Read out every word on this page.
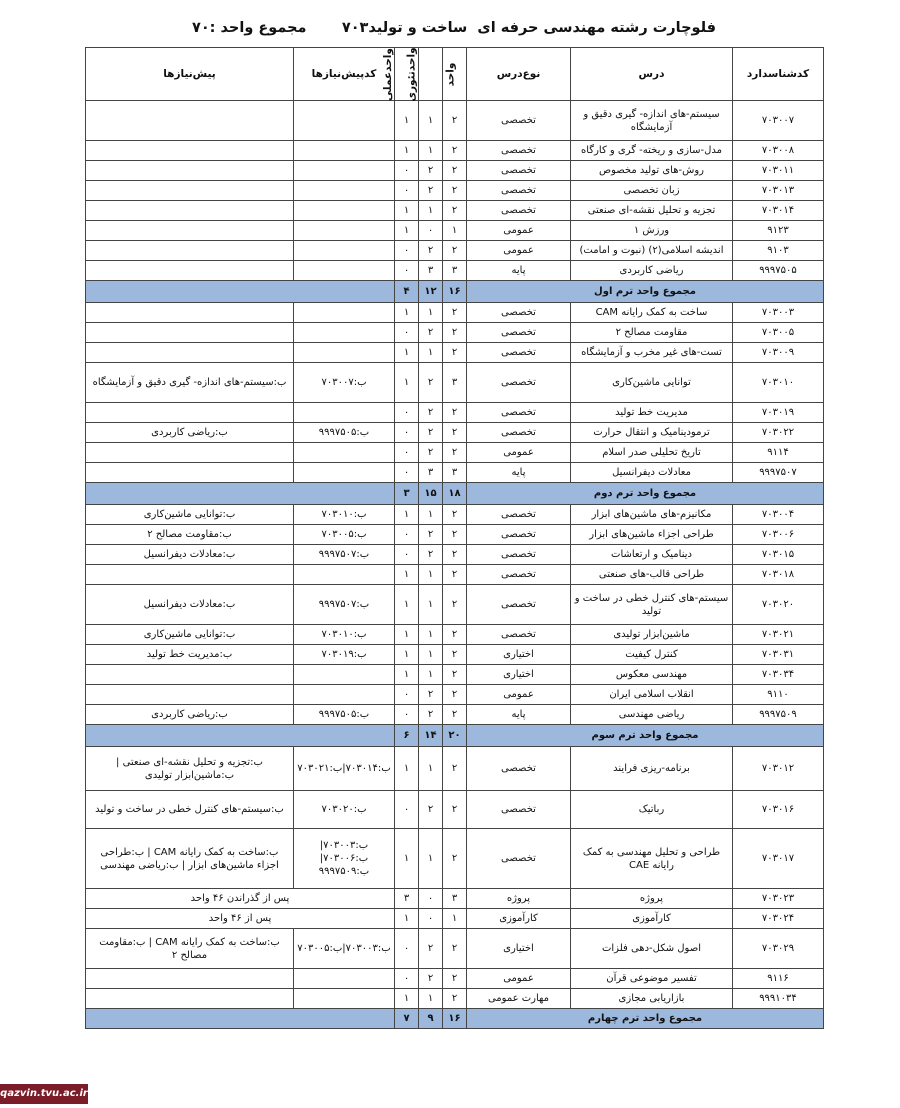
فلوچارت رشته مهندسی حرفه ای  ساخت و تولید۷۰۳       مجموع واحد :۷۰
کدشناسدارد	درس	نوع‌درس	واحد	واحدتئوری	واحدعملی	کدپیش‌نیازها	پیش‌نیازها
۷۰۳۰۰۷	سیستم‌-های اندازه- گیری دقیق و آزمایشگاه	تخصصی	۲	۱	۱		
۷۰۳۰۰۸	مدل-سازی و ریخته- گری و کارگاه	تخصصی	۲	۱	۱		
۷۰۳۰۱۱	روش-های تولید مخصوص	تخصصی	۲	۲	۰		
۷۰۳۰۱۳	زبان تخصصی	تخصصی	۲	۲	۰		
۷۰۳۰۱۴	تجزیه و تحلیل نقشه-ای صنعتی	تخصصی	۲	۱	۱		
۹۱۲۳	ورزش ۱	عمومی	۱	۰	۱		
۹۱۰۳	اندیشه اسلامی(۲) (نبوت و امامت)	عمومی	۲	۲	۰		
۹۹۹۷۵۰۵	ریاضی کاربردی	پایه	۳	۳	۰		
مجموع واحد ترم اول			۱۶	۱۲	۴		
۷۰۳۰۰۳	ساخت به کمک رایانه CAM	تخصصی	۲	۱	۱		
۷۰۳۰۰۵	مقاومت مصالح ۲	تخصصی	۲	۲	۰		
۷۰۳۰۰۹	تست-های غیر مخرب و آزمایشگاه	تخصصی	۲	۱	۱		
۷۰۳۰۱۰	توانایی ماشین‌کاری	تخصصی	۳	۲	۱	ب:۷۰۳۰۰۷	ب:سیستم-های اندازه- گیری دقیق و آزمایشگاه
۷۰۳۰۱۹	مدیریت خط تولید	تخصصی	۲	۲	۰		
۷۰۳۰۲۲	ترمودینامیک و انتقال حرارت	تخصصی	۲	۲	۰	ب:۹۹۹۷۵۰۵	ب:ریاضی کاربردی
۹۱۱۴	تاریخ تحلیلی صدر اسلام	عمومی	۲	۲	۰		
۹۹۹۷۵۰۷	معادلات دیفرانسیل	پایه	۳	۳	۰		
مجموع واحد ترم دوم			۱۸	۱۵	۳		
۷۰۳۰۰۴	مکانیزم-های ماشین‌های ابزار	تخصصی	۲	۱	۱	ب:۷۰۳۰۱۰	ب:توانایی ماشین‌کاری
۷۰۳۰۰۶	طراحی اجزاء ماشین‌های ابزار	تخصصی	۲	۲	۰	ب:۷۰۳۰۰۵	ب:مقاومت مصالح ۲
۷۰۳۰۱۵	دینامیک و ارتعاشات	تخصصی	۲	۲	۰	ب:۹۹۹۷۵۰۷	ب:معادلات دیفرانسیل
۷۰۳۰۱۸	طراحی قالب-های صنعتی	تخصصی	۲	۱	۱		
۷۰۳۰۲۰	سیستم-های کنترل خطی در ساخت و تولید	تخصصی	۲	۱	۱	ب:۹۹۹۷۵۰۷	ب:معادلات دیفرانسیل
۷۰۳۰۲۱	ماشین‌ابزار تولیدی	تخصصی	۲	۱	۱	ب:۷۰۳۰۱۰	ب:توانایی ماشین‌کاری
۷۰۳۰۳۱	کنترل کیفیت	اختیاری	۲	۱	۱	ب:۷۰۳۰۱۹	ب:مدیریت خط تولید
۷۰۳۰۳۴	مهندسی معکوس	اختیاری	۲	۱	۱		
۹۱۱۰	انقلاب اسلامی ایران	عمومی	۲	۲	۰		
۹۹۹۷۵۰۹	ریاضی مهندسی	پایه	۲	۲	۰	ب:۹۹۹۷۵۰۵	ب:ریاضی کاربردی
مجموع واحد ترم سوم			۲۰	۱۴	۶		
۷۰۳۰۱۲	برنامه-ریزی فرایند	تخصصی	۲	۱	۱	ب:۷۰۳۰۱۴|ب:۷۰۳۰۲۱	ب:تجزیه و تحلیل نقشه-ای صنعتی | ب:ماشین‌ابزار تولیدی
۷۰۳۰۱۶	رباتیک	تخصصی	۲	۲	۰	ب:۷۰۳۰۲۰	ب:سیستم-های کنترل خطی در ساخت و تولید
۷۰۳۰۱۷	طراحی و تحلیل مهندسی به کمک رایانه CAE	تخصصی	۲	۱	۱	ب:۷۰۳۰۰۳|ب:۷۰۳۰۰۶|ب:۹۹۹۷۵۰۹	ب:ساخت به کمک رایانه CAM | ب:طراحی اجزاء ماشین‌های ابزار | ب:ریاضی مهندسی
۷۰۳۰۲۳	پروژه	پروژه	۳	۰	۳	پس از گذراندن ۴۶ واحد	
۷۰۳۰۲۴	کارآموزی	کارآموزی	۱	۰	۱	پس از ۴۶ واحد	
۷۰۳۰۲۹	اصول شکل-دهی فلزات	اختیاری	۲	۲	۰	ب:۷۰۳۰۰۳|ب:۷۰۳۰۰۵	ب:ساخت به کمک رایانه CAM | ب:مقاومت مصالح ۲
۹۱۱۶	تفسیر موضوعی قرآن	عمومی	۲	۲	۰		
۹۹۹۱۰۳۴	بازاریابی مجازی	مهارت عمومی	۲	۱	۱		
مجموع واحد ترم چهارم			۱۶	۹	۷		
qazvin.tvu.ac.ir
